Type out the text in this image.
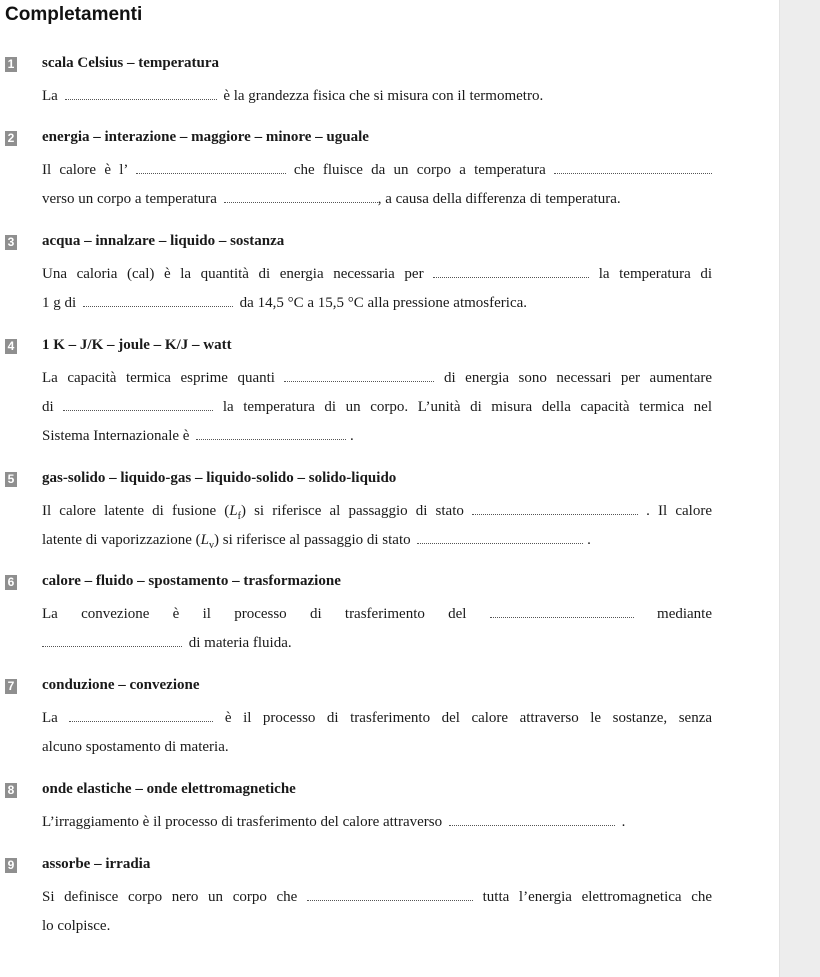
Completamenti
1 scala Celsius – temperatura
La	è la grandezza fisica che si misura con il termometro.
2 energia – interazione – maggiore – minore – uguale
Il calore è l’	che fluisce da un corpo a temperatura
verso un corpo a temperatura	, a causa della differenza di temperatura.
3 acqua – innalzare – liquido – sostanza
Una caloria (cal) è la quantità di energia necessaria per	la temperatura di
1 g di	da 14,5 °C a 15,5 °C alla pressione atmosferica.
4 1 K – J/K – joule – K/J – watt
La capacità termica esprime quanti	di energia sono necessari per aumentare
di	la temperatura di un corpo. L’unità di misura della capacità termica nel
Sistema Internazionale è	.
5 gas-solido – liquido-gas – liquido-solido – solido-liquido
Il calore latente di fusione $(L_f)$ si riferisce al passaggio di stato	. Il calore
latente di vaporizzazione $(L_v)$ si riferisce al passaggio di stato	.
6 calore – fluido – spostamento – trasformazione
La convezione è il processo di trasferimento del	mediante
di materia fluida.
7 conduzione – convezione
La	è il processo di trasferimento del calore attraverso le sostanze, senza
alcuno spostamento di materia.
8 onde elastiche – onde elettromagnetiche
L’irraggiamento è il processo di trasferimento del calore attraverso	.
9 assorbe – irradia
Si definisce corpo nero un corpo che	tutta l’energia elettromagnetica che
lo colpisce.
